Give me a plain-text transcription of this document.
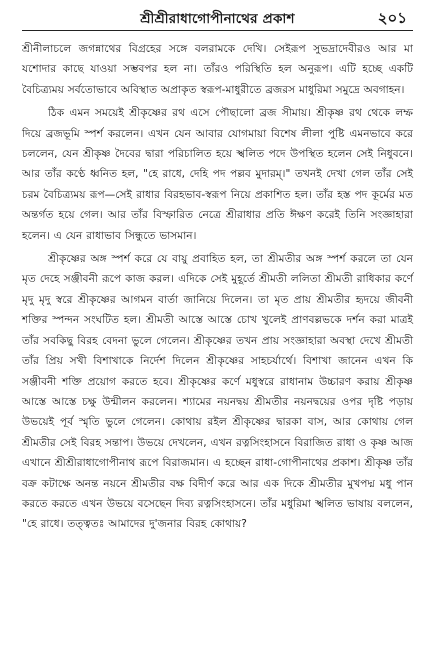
শ্রীশ্রীরাধাগোপীনাথের প্রকাশ	২০১

শ্রীনীলাচলে জগন্নাথের বিগ্রহের সঙ্গে বলরামকে দেখি। সেইরূপ সুভদ্রাদেবীরও আর মা যশোদার কাছে যাওয়া সম্ভবপর হল না। তাঁরও পরিস্থিতি হল অনুরূপ। এটি হচ্ছে একটি বৈচিত্র্যময় সর্বতোভাবে অবিস্থাত অপ্রাকৃত স্বরূপ-মাধুরীতে ব্রজরস মাধুরিমা সমুদ্রে অবগাহন।

ঠিক এমন সময়েই শ্রীকৃষ্ণের রথ এসে পৌছালো ব্রজ সীমায়। শ্রীকৃষ্ণ রথ থেকে লম্ফ দিয়ে ব্রজভূমি স্পর্শ করলেন। এখন যেন আবার যোগমায়া বিশেষ লীলা পুষ্টি এমনভাবে করে চললেন, যেন শ্রীকৃষ্ণ দৈবের দ্বারা পরিচালিত হয়ে স্খলিত পদে উপস্থিত হলেন সেই নিধুবনে। আর তাঁর কণ্ঠে ধ্বনিত হল, "হে রাধে, দেহি পদ পল্লব মুদারম্।" তখনই দেখা গেল তাঁর সেই চরম বৈচিত্র্যময় রূপ—সেই রাধার বিরহভাব-স্বরূপ নিয়ে প্রকাশিত হল। তাঁর হস্ত পদ কূর্মের মত অন্তর্গত হয়ে গেল। আর তাঁর বিস্ফারিত নেত্রে শ্রীরাধার প্রতি ঈক্ষণ করেই তিনি সংজ্ঞাহারা হলেন। এ যেন রাধাভাব সিন্ধুতে ভাসমান।

শ্রীকৃষ্ণের অঙ্গ স্পর্শ করে যে বায়ু প্রবাহিত হল, তা শ্রীমতীর অঙ্গ স্পর্শ করলে তা যেন মৃত দেহে সঞ্জীবনী রূপে কাজ করল। এদিকে সেই মুহূর্তে শ্রীমতী ললিতা শ্রীমতী রাধিকার কর্ণে মৃদু মৃদু স্বরে শ্রীকৃষ্ণের আগমন বার্তা জানিয়ে দিলেন। তা মৃত প্রায় শ্রীমতীর হৃদয়ে জীবনী শক্তির স্পন্দন সংঘটিত হল। শ্রীমতী আস্তে আস্তে চোখ খুলেই প্রাণবল্লভকে দর্শন করা মাত্রই তাঁর সবকিছু বিরহ বেদনা ভুলে গেলেন। শ্রীকৃষ্ণের তখন প্রায় সংজ্ঞাহারা অবস্থা দেখে শ্রীমতী তাঁর প্রিয় সখী বিশাখাকে নির্দেশ দিলেন শ্রীকৃষ্ণের সাহচর্যার্থে। বিশাখা জানেন এখন কি সঞ্জীবনী শক্তি প্রয়োগ করতে হবে। শ্রীকৃষ্ণের কর্ণে মধুস্বরে রাধানাম উচ্চারণ করায় শ্রীকৃষ্ণ আস্তে আস্তে চক্ষু উন্মীলন করলেন। শ্যামের নয়নদ্বয় শ্রীমতীর নয়নদ্বয়ের ওপর দৃষ্টি পড়ায় উভয়েই পূর্ব স্মৃতি ভুলে গেলেন। কোথায় রইল শ্রীকৃষ্ণের দ্বারকা বাস, আর কোথায় গেল শ্রীমতীর সেই বিরহ সন্তাপ। উভয়ে দেখলেন, এখন রত্নসিংহাসনে বিরাজিত রাধা ও কৃষ্ণ আজ এখানে শ্রীশ্রীরাধাগোপীনাথ রূপে বিরাজমান। এ হচ্ছেন রাধা-গোপীনাথের প্রকাশ। শ্রীকৃষ্ণ তাঁর বক্র কটাক্ষে অনন্ত নয়নে শ্রীমতীর বক্ষ বিদীর্ণ করে আর এক দিকে শ্রীমতীর মুখপদ্ম মধু পান করতে করতে এখন উভয়ে বসেছেন দিব্য রত্নসিংহাসনে। তাঁর মধুরিমা স্খলিত ভাষায় বললেন, "হে রাধে। তত্ত্বতঃ আমাদের দু'জনার বিরহ কোথায়?
